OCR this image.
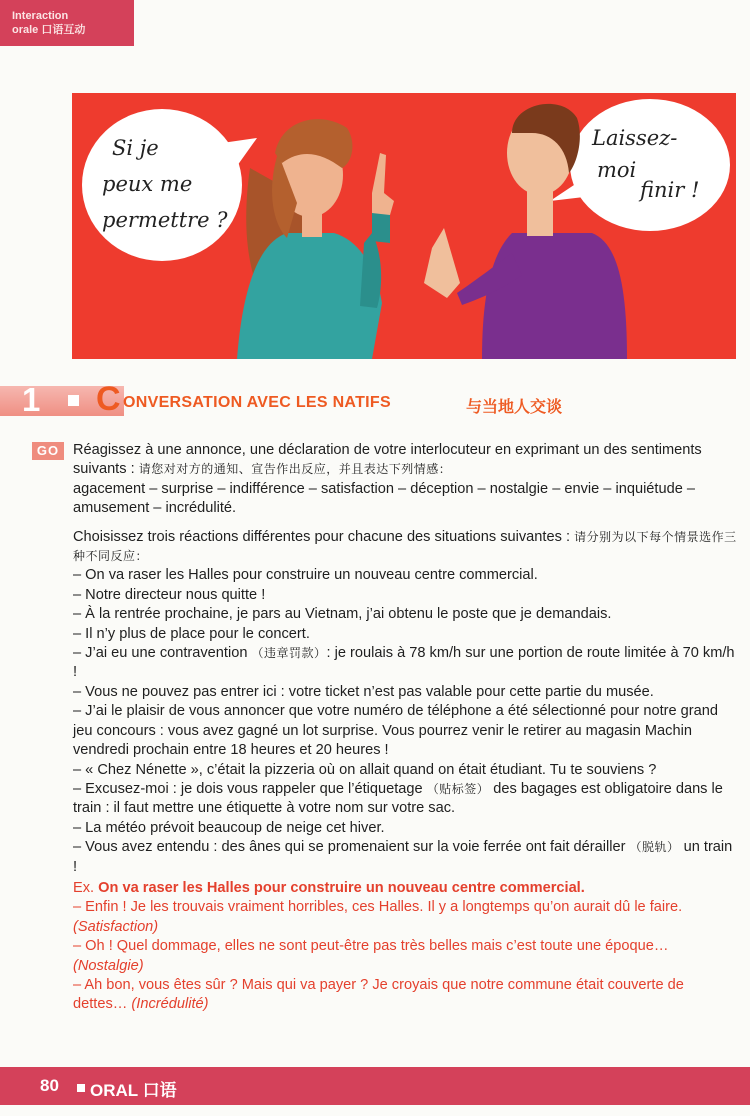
Interaction
orale 口语互动
Si je
peux me
permettre ?
Laissez-
moi
finir !
1 C ONVERSATION AVEC LES NATIFS	与当地人交谈
GO Réagissez à une annonce, une déclaration de votre interlocuteur en exprimant un des sentiments suivants : 请您对对方的通知、宣告作出反应，并且表达下列情感：

agacement – surprise – indifférence – satisfaction – déception – nostalgie – envie – inquiétude – amusement – incrédulité.

Choisissez trois réactions différentes pour chacune des situations suivantes : 请分别为以下每个情景选作三种不同反应：

– On va raser les Halles pour construire un nouveau centre commercial.

– Notre directeur nous quitte !

– À la rentrée prochaine, je pars au Vietnam, j’ai obtenu le poste que je demandais.

– Il n’y plus de place pour le concert.

– J’ai eu une contravention （违章罚款）: je roulais à 78 km/h sur une portion de route limitée à 70 km/h !

– Vous ne pouvez pas entrer ici : votre ticket n’est pas valable pour cette partie du musée.

– J’ai le plaisir de vous annoncer que votre numéro de téléphone a été sélectionné pour notre grand jeu concours : vous avez gagné un lot surprise. Vous pourrez venir le retirer au magasin Machin vendredi prochain entre 18 heures et 20 heures !

– « Chez Nénette », c’était la pizzeria où on allait quand on était étudiant. Tu te souviens ?

– Excusez-moi : je dois vous rappeler que l’étiquetage （贴标签） des bagages est obligatoire dans le train : il faut mettre une étiquette à votre nom sur votre sac.

– La météo prévoit beaucoup de neige cet hiver.

– Vous avez entendu : des ânes qui se promenaient sur la voie ferrée ont fait dérailler （脱轨） un train !

Ex. On va raser les Halles pour construire un nouveau centre commercial.

– Enfin ! Je les trouvais vraiment horribles, ces Halles. Il y a longtemps qu’on aurait dû le faire. (Satisfaction)

– Oh ! Quel dommage, elles ne sont peut-être pas très belles mais c’est toute une époque… (Nostalgie)

– Ah bon, vous êtes sûr ? Mais qui va payer ? Je croyais que notre commune était couverte de dettes… (Incrédulité)

80 ORAL 口语
